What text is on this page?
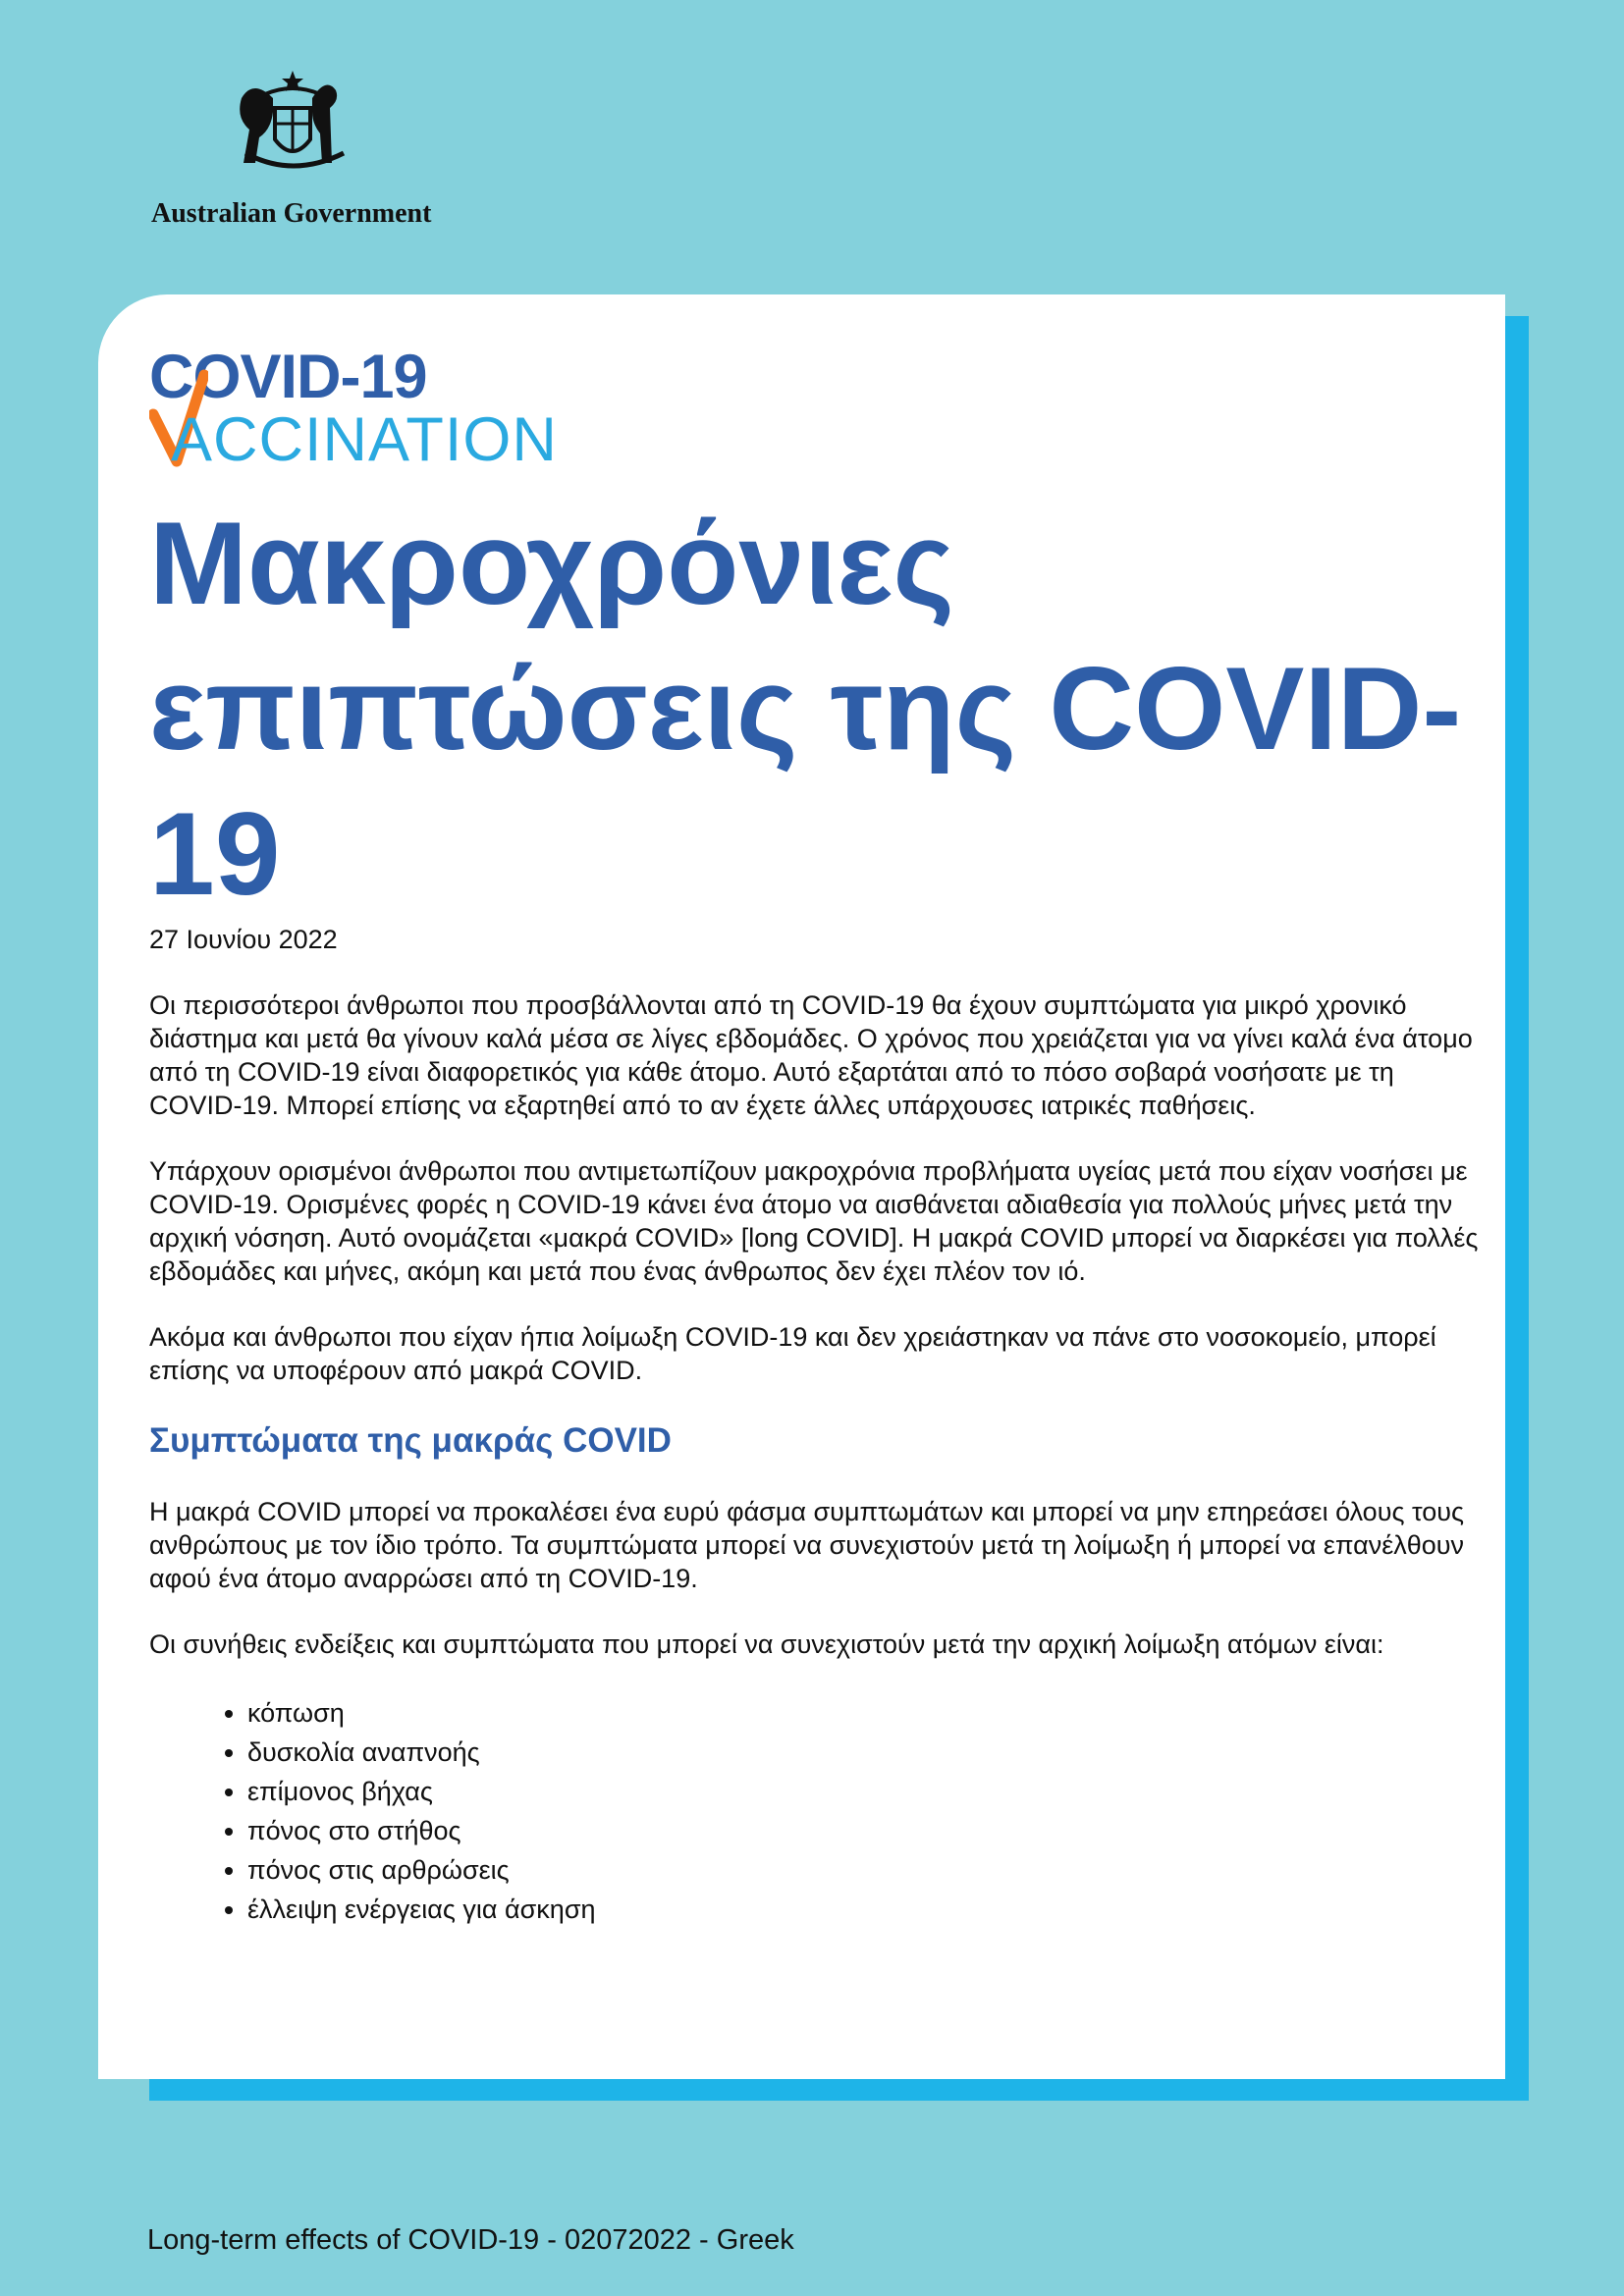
Australian Government
COVID-19
ACCINATION
Μακροχρόνιες επιπτώσεις της COVID-19

27 Ιουνίου 2022

Οι περισσότεροι άνθρωποι που προσβάλλονται από τη COVID-19 θα έχουν συμπτώματα για μικρό χρονικό διάστημα και μετά θα γίνουν καλά μέσα σε λίγες εβδομάδες. Ο χρόνος που χρειάζεται για να γίνει καλά ένα άτομο από τη COVID-19 είναι διαφορετικός για κάθε άτομο. Αυτό εξαρτάται από το πόσο σοβαρά νοσήσατε με τη COVID-19. Μπορεί επίσης να εξαρτηθεί από το αν έχετε άλλες υπάρχουσες ιατρικές παθήσεις.

Υπάρχουν ορισμένοι άνθρωποι που αντιμετωπίζουν μακροχρόνια προβλήματα υγείας μετά που είχαν νοσήσει με COVID-19. Ορισμένες φορές η COVID-19 κάνει ένα άτομο να αισθάνεται αδιαθεσία για πολλούς μήνες μετά την αρχική νόσηση. Αυτό ονομάζεται «μακρά COVID» [long COVID]. Η μακρά COVID μπορεί να διαρκέσει για πολλές εβδομάδες και μήνες, ακόμη και μετά που ένας άνθρωπος δεν έχει πλέον τον ιό.

Ακόμα και άνθρωποι που είχαν ήπια λοίμωξη COVID-19 και δεν χρειάστηκαν να πάνε στο νοσοκομείο, μπορεί επίσης να υποφέρουν από μακρά COVID.

Συμπτώματα της μακράς COVID

Η μακρά COVID μπορεί να προκαλέσει ένα ευρύ φάσμα συμπτωμάτων και μπορεί να μην επηρεάσει όλους τους ανθρώπους με τον ίδιο τρόπο. Τα συμπτώματα μπορεί να συνεχιστούν μετά τη λοίμωξη ή μπορεί να επανέλθουν αφού ένα άτομο αναρρώσει από τη COVID-19.

Οι συνήθεις ενδείξεις και συμπτώματα που μπορεί να συνεχιστούν μετά την αρχική λοίμωξη ατόμων είναι:

• κόπωση
• δυσκολία αναπνοής
• επίμονος βήχας
• πόνος στο στήθος
• πόνος στις αρθρώσεις
• έλλειψη ενέργειας για άσκηση
Long-term effects of COVID-19 - 02072022 - Greek
